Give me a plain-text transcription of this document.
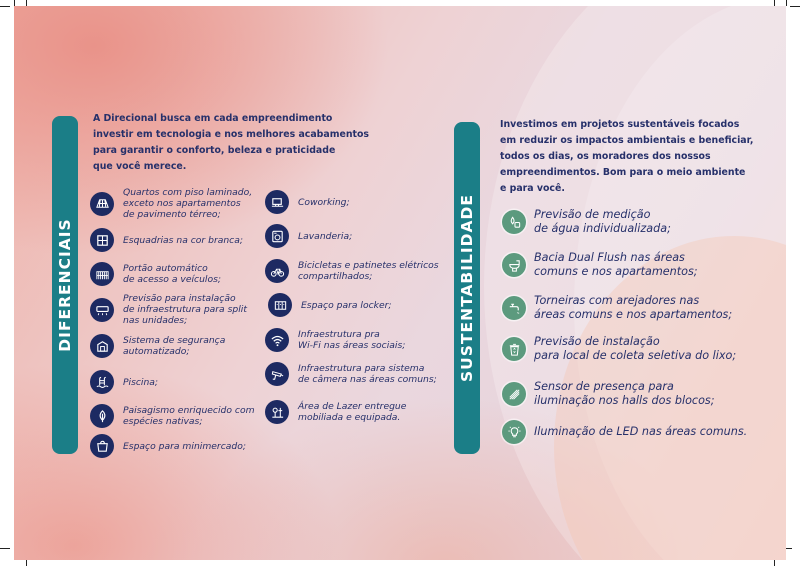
DIFERENCIAIS
A Direcional busca em cada empreendimento
investir em tecnologia e nos melhores acabamentos
para garantir o conforto, beleza e praticidade
que você merece.
Quartos com piso laminado,
exceto nos apartamentos
de pavimento térreo;
Esquadrias na cor branca;
Portão automático
de acesso a veículos;
Previsão para instalação
de infraestrutura para split
nas unidades;
Sistema de segurança
automatizado;
Piscina;
Paisagismo enriquecido com
espécies nativas;
Espaço para minimercado;
Coworking;
Lavanderia;
Bicicletas e patinetes elétricos
compartilhados;
Espaço para locker;
Infraestrutura pra
Wi-Fi nas áreas sociais;
Infraestrutura para sistema
de câmera nas áreas comuns;
Área de Lazer entregue
mobiliada e equipada.
SUSTENTABILIDADE
Investimos em projetos sustentáveis focados
em reduzir os impactos ambientais e beneficiar,
todos os dias, os moradores dos nossos
empreendimentos. Bom para o meio ambiente
e para você.
Previsão de medição
de água individualizada;
Bacia Dual Flush nas áreas
comuns e nos apartamentos;
Torneiras com arejadores nas
áreas comuns e nos apartamentos;
Previsão de instalação
para local de coleta seletiva do lixo;
Sensor de presença para
iluminação nos halls dos blocos;
Iluminação de LED nas áreas comuns.
